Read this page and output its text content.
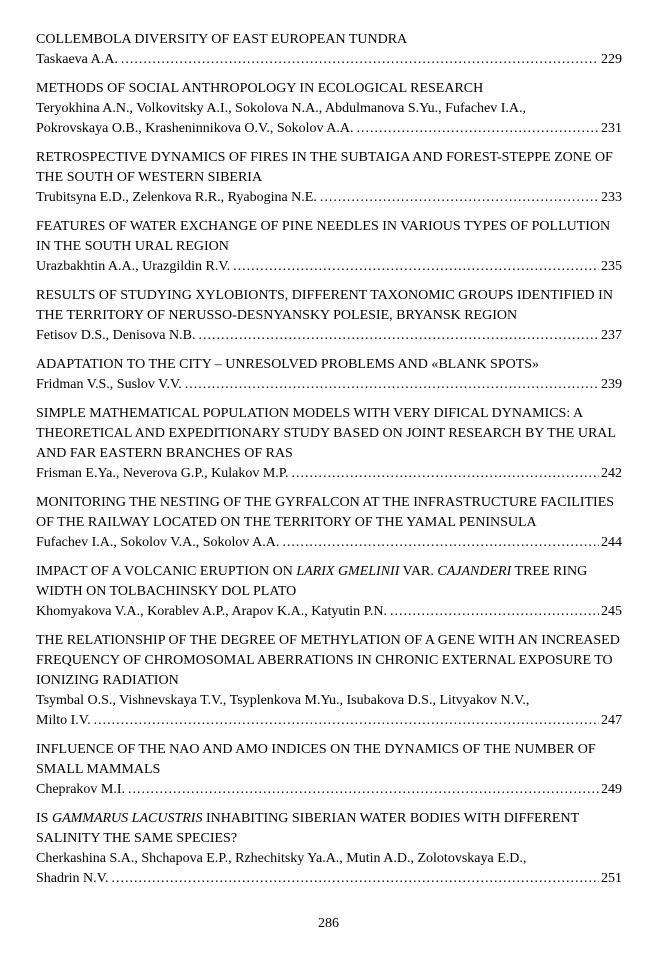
COLLEMBOLA DIVERSITY OF EAST EUROPEAN TUNDRA
Taskaeva A.A. .....	229
METHODS OF SOCIAL ANTHROPOLOGY IN ECOLOGICAL RESEARCH
Teryokhina A.N., Volkovitsky A.I., Sokolova N.A., Abdulmanova S.Yu., Fufachev I.A.,
Pokrovskaya O.B., Krasheninnikova O.V., Sokolov A.A. .....	231
RETROSPECTIVE DYNAMICS OF FIRES IN THE SUBTAIGA AND FOREST-STEPPE ZONE OF THE SOUTH OF WESTERN SIBERIA
Trubitsyna E.D., Zelenkova R.R., Ryabogina N.E. .....	233
FEATURES OF WATER EXCHANGE OF PINE NEEDLES IN VARIOUS TYPES OF POLLUTION IN THE SOUTH URAL REGION
Urazbakhtin A.A., Urazgildin R.V. .....	235
RESULTS OF STUDYING XYLOBIONTS, DIFFERENT TAXONOMIC GROUPS IDENTIFIED IN THE TERRITORY OF NERUSSO-DESNYANSKY POLESIE, BRYANSK REGION
Fetisov D.S., Denisova N.B. .....	237
ADAPTATION TO THE CITY – UNRESOLVED PROBLEMS AND «BLANK SPOTS»
Fridman V.S., Suslov V.V. .....	239
SIMPLE MATHEMATICAL POPULATION MODELS WITH VERY DIFICAL DYNAMICS: A THEORETICAL AND EXPEDITIONARY STUDY BASED ON JOINT RESEARCH BY THE URAL AND FAR EASTERN BRANCHES OF RAS
Frisman E.Ya., Neverova G.P., Kulakov M.P. .....	242
MONITORING THE NESTING OF THE GYRFALCON AT THE INFRASTRUCTURE FACILITIES OF THE RAILWAY LOCATED ON THE TERRITORY OF THE YAMAL PENINSULA
Fufachev I.A., Sokolov V.A., Sokolov A.A. .....	244
IMPACT OF A VOLCANIC ERUPTION ON LARIX GMELINII VAR. CAJANDERI TREE RING WIDTH ON TOLBACHINSKY DOL PLATO
Khomyakova V.A., Korablev A.P., Arapov K.A., Katyutin P.N. .....	245
THE RELATIONSHIP OF THE DEGREE OF METHYLATION OF A GENE WITH AN INCREASED FREQUENCY OF CHROMOSOMAL ABERRATIONS IN CHRONIC EXTERNAL EXPOSURE TO IONIZING RADIATION
Tsymbal O.S., Vishnevskaya T.V., Tsyplenkova M.Yu., Isubakova D.S., Litvyakov N.V.,
Milto I.V. .....	247
INFLUENCE OF THE NAO AND AMO INDICES ON THE DYNAMICS OF THE NUMBER OF SMALL MAMMALS
Cheprakov M.I. .....	249
IS GAMMARUS LACUSTRIS INHABITING SIBERIAN WATER BODIES WITH DIFFERENT SALINITY THE SAME SPECIES?
Cherkashina S.A., Shchapova E.P., Rzhechitsky Ya.A., Mutin A.D., Zolotovskaya E.D.,
Shadrin N.V. .....	251
286
